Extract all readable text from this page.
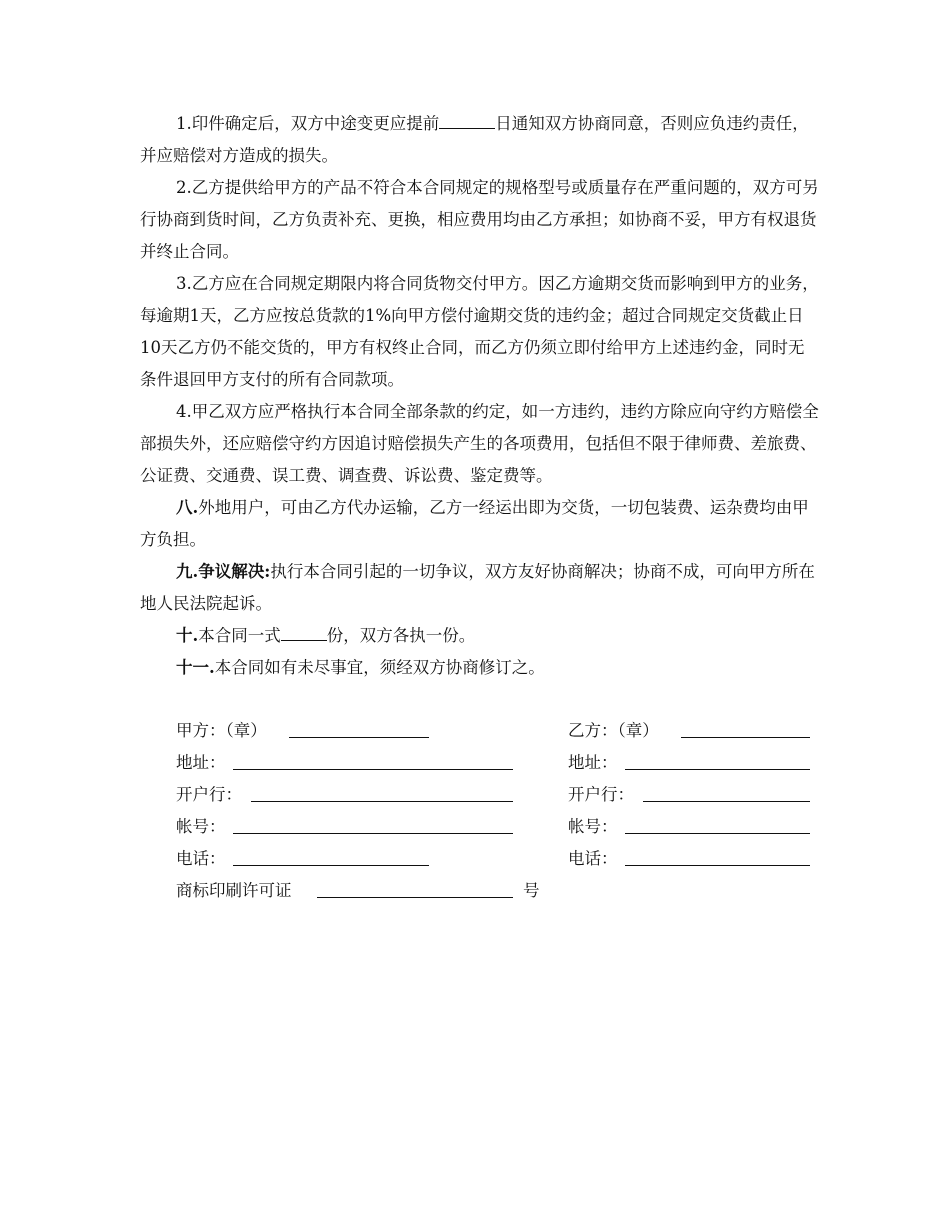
1.印件确定后，双方中途变更应提前	日通知双方协商同意，否则应负违约责任，并应赔偿对方造成的损失。

2.乙方提供给甲方的产品不符合本合同规定的规格型号或质量存在严重问题的，双方可另行协商到货时间，乙方负责补充、更换，相应费用均由乙方承担；如协商不妥，甲方有权退货并终止合同。

3.乙方应在合同规定期限内将合同货物交付甲方。因乙方逾期交货而影响到甲方的业务，每逾期1天，乙方应按总货款的1%向甲方偿付逾期交货的违约金；超过合同规定交货截止日10天乙方仍不能交货的，甲方有权终止合同，而乙方仍须立即付给甲方上述违约金，同时无条件退回甲方支付的所有合同款项。

4.甲乙双方应严格执行本合同全部条款的约定，如一方违约，违约方除应向守约方赔偿全部损失外，还应赔偿守约方因追讨赔偿损失产生的各项费用，包括但不限于律师费、差旅费、公证费、交通费、误工费、调查费、诉讼费、鉴定费等。

八.外地用户，可由乙方代办运输，乙方一经运出即为交货，一切包装费、运杂费均由甲方负担。

九.争议解决:执行本合同引起的一切争议，双方友好协商解决；协商不成，可向甲方所在地人民法院起诉。

十.本合同一式	份，双方各执一份。

十一.本合同如有未尽事宜，须经双方协商修订之。

甲方：（章）
地址：
开户行：
帐号：
电话：
商标印刷许可证	号
乙方：（章）
地址：
开户行：
帐号：
电话：
